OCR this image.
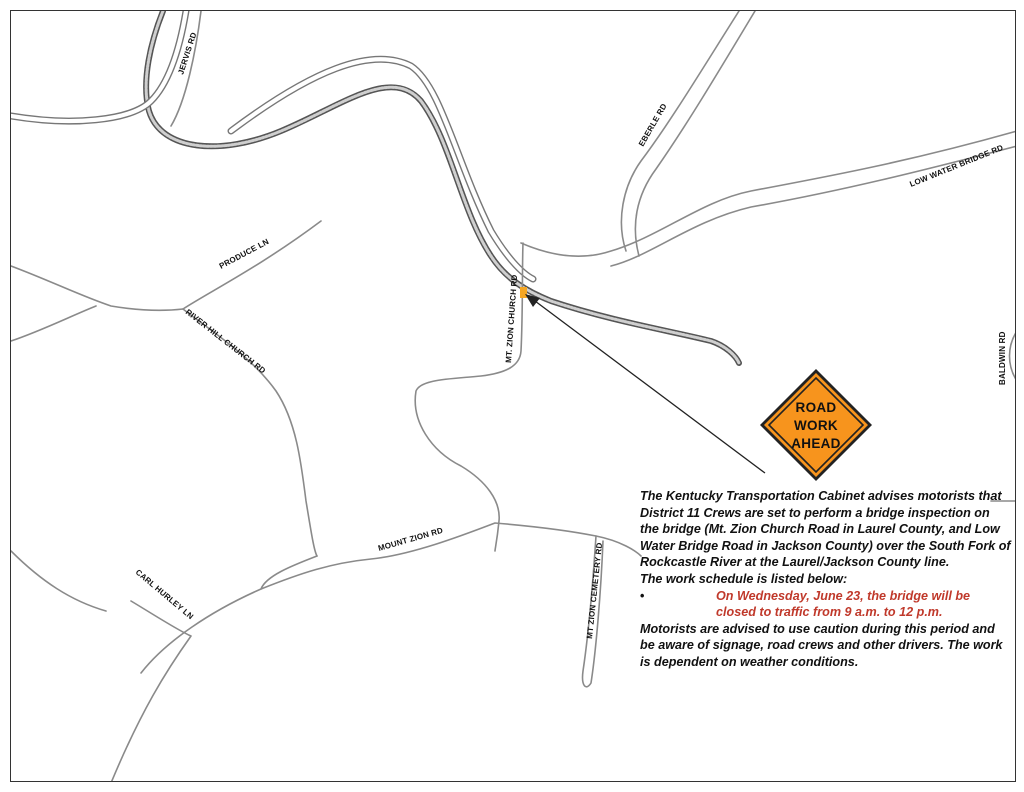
JERVIS RD
EBERLE RD
LOW WATER BRIDGE RD
PRODUCE LN
RIVER HILL CHURCH RD	MT. ZION CHURCH RD	BALDWIN RD
MOUNT ZION RD
CARL HURLEY LN	MT ZION CEMETERY RD
ROAD
WORK
AHEAD

The Kentucky Transportation Cabinet advises motorists that District 11 Crews are set to perform a bridge inspection on the bridge (Mt. Zion Church Road in Laurel County, and Low Water Bridge Road in Jackson County) over the South Fork of Rockcastle River at the Laurel/Jackson County line.

The work schedule is listed below:

•	On Wednesday, June 23, the bridge will be closed to traffic from 9 a.m. to 12 p.m.

Motorists are advised to use caution during this period and be aware of signage, road crews and other drivers. The work is dependent on weather conditions.
